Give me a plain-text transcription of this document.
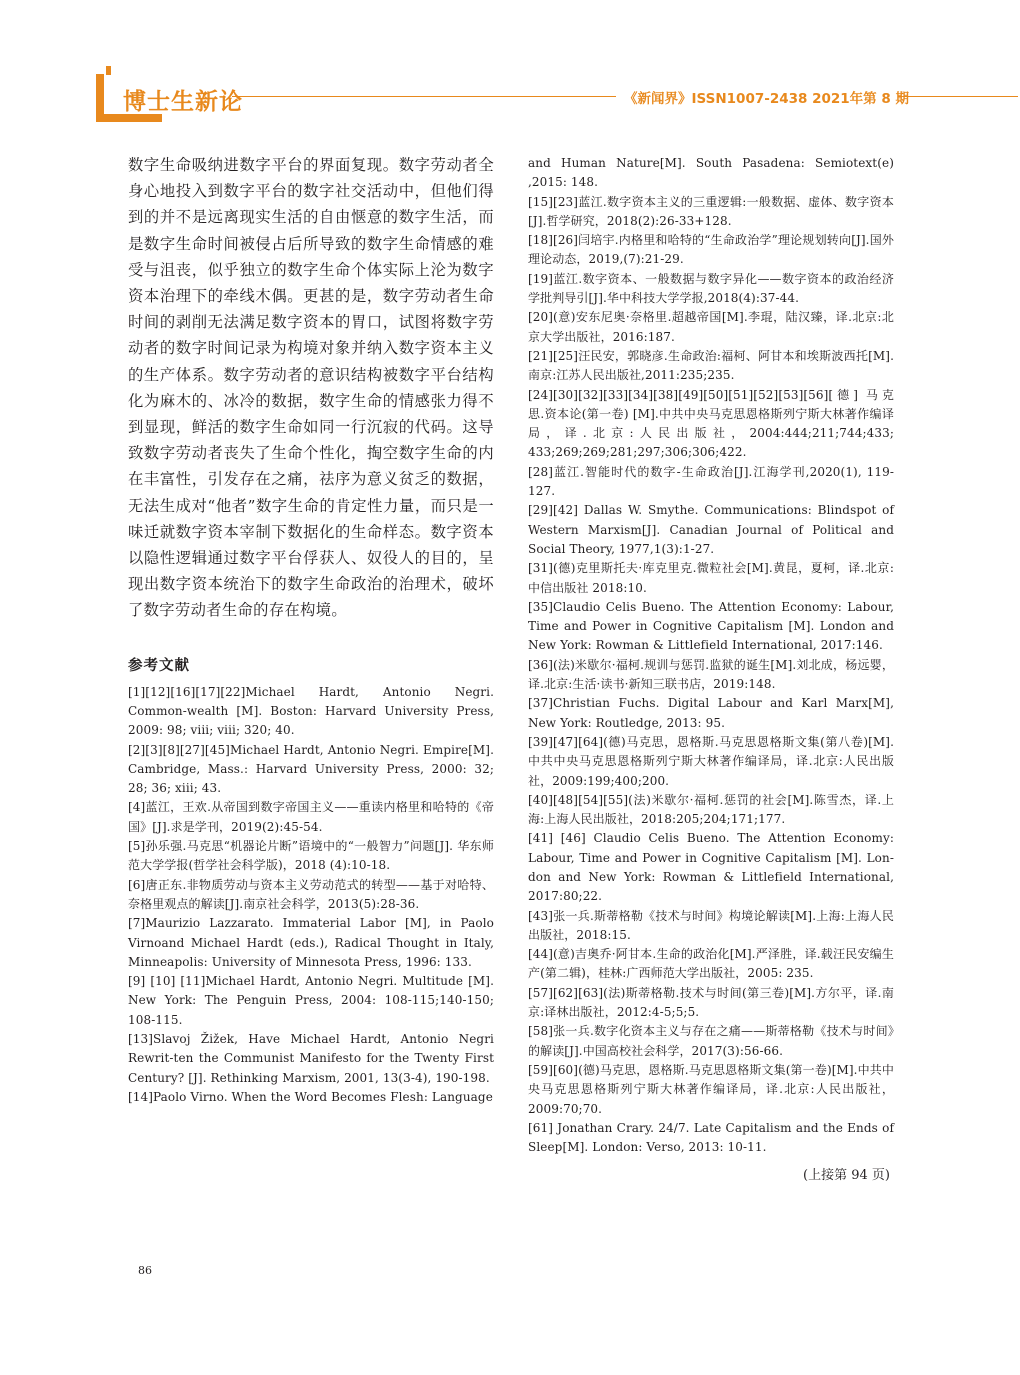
博士生新论	《新闻界》ISSN1007-2438 2021年第 8 期

数字生命吸纳进数字平台的界面复现。数字劳动者全身心地投入到数字平台的数字社交活动中，但他们得到的并不是远离现实生活的自由惬意的数字生活，而是数字生命时间被侵占后所导致的数字生命情感的难受与沮丧，似乎独立的数字生命个体实际上沦为数字资本治理下的牵线木偶。更甚的是，数字劳动者生命时间的剥削无法满足数字资本的胃口，试图将数字劳动者的数字时间记录为构境对象并纳入数字资本主义的生产体系。数字劳动者的意识结构被数字平台结构化为麻木的、冰冷的数据，数字生命的情感张力得不到显现，鲜活的数字生命如同一行沉寂的代码。这导致数字劳动者丧失了生命个性化，掏空数字生命的内在丰富性，引发存在之痛，祛序为意义贫乏的数据，无法生成对“他者”数字生命的肯定性力量，而只是一味迁就数字资本宰制下数据化的生命样态。数字资本以隐性逻辑通过数字平台俘获人、奴役人的目的，呈现出数字资本统治下的数字生命政治的治理术，破坏了数字劳动者生命的存在构境。

参考文献
[1][12][16][17][22]Michael Hardt, Antonio Negri. Common-wealth [M]. Boston: Harvard University Press, 2009: 98; viii; viii; 320; 40.
[2][3][8][27][45]Michael Hardt, Antonio Negri. Empire[M]. Cambridge, Mass.: Harvard University Press, 2000: 32; 28; 36; xiii; 43.
[4]蓝江，王欢.从帝国到数字帝国主义——重读内格里和哈特的《帝国》[J].求是学刊，2019(2):45-54.
[5]孙乐强.马克思“机器论片断”语境中的“一般智力”问题[J]. 华东师范大学学报(哲学社会科学版)，2018 (4):10-18.
[6]唐正东.非物质劳动与资本主义劳动范式的转型——基于对哈特、奈格里观点的解读[J].南京社会科学，2013(5):28-36.
[7]Maurizio Lazzarato. Immaterial Labor [M], in Paolo Virnoand Michael Hardt (eds.), Radical Thought in Italy, Minneapolis: University of Minnesota Press, 1996: 133.
[9] [10] [11]Michael Hardt, Antonio Negri. Multitude [M]. New York: The Penguin Press, 2004: 108-115;140-150; 108-115.
[13]Slavoj Žižek, Have Michael Hardt, Antonio Negri Rewrit-ten the Communist Manifesto for the Twenty First Century? [J]. Rethinking Marxism, 2001, 13(3-4), 190-198.
[14]Paolo Virno. When the Word Becomes Flesh: Language
and Human Nature[M]. South Pasadena: Semiotext(e) ,2015: 148.
[15][23]蓝江.数字资本主义的三重逻辑:一般数据、虚体、数字资本[J].哲学研究，2018(2):26-33+128.
[18][26]闫培宇.内格里和哈特的“生命政治学”理论规划转向[J].国外理论动态，2019,(7):21-29.
[19]蓝江.数字资本、一般数据与数字异化——数字资本的政治经济学批判导引[J].华中科技大学学报,2018(4):37-44.
[20](意)安东尼奥·奈格里.超越帝国[M].李琨，陆汉臻，译.北京:北京大学出版社，2016:187.
[21][25]汪民安，郭晓彦.生命政治:福柯、阿甘本和埃斯波西托[M].南京:江苏人民出版社,2011:235;235.
[24][30][32][33][34][38][49][50][51][52][53][56][德] 马克思.资本论(第一卷) [M].中共中央马克思恩格斯列宁斯大林著作编译局，译.北京:人民出版社，2004:444;211;744;433; 433;269;269;281;297;306;306;422.
[28]蓝江.智能时代的数字-生命政治[J].江海学刊,2020(1), 119-127.
[29][42] Dallas W. Smythe. Communications: Blindspot of Western Marxism[J]. Canadian Journal of Political and Social Theory, 1977,1(3):1-27.
[31](德)克里斯托夫·库克里克.微粒社会[M].黄昆，夏柯，译.北京:中信出版社 2018:10.
[35]Claudio Celis Bueno. The Attention Economy: Labour, Time and Power in Cognitive Capitalism [M]. London and New York: Rowman & Littlefield International, 2017:146.
[36](法)米歇尔·福柯.规训与惩罚.监狱的诞生[M].刘北成，杨远婴，译.北京:生活·读书·新知三联书店，2019:148.
[37]Christian Fuchs. Digital Labour and Karl Marx[M], New York: Routledge, 2013: 95.
[39][47][64](德)马克思，恩格斯.马克思恩格斯文集(第八卷)[M]. 中共中央马克思恩格斯列宁斯大林著作编译局，译.北京:人民出版社，2009:199;400;200.
[40][48][54][55](法)米歇尔·福柯.惩罚的社会[M].陈雪杰，译.上海:上海人民出版社，2018:205;204;171;177.
[41] [46] Claudio Celis Bueno. The Attention Economy: Labour, Time and Power in Cognitive Capitalism [M]. Lon-don and New York: Rowman & Littlefield International, 2017:80;22.
[43]张一兵.斯蒂格勒《技术与时间》构境论解读[M].上海:上海人民出版社，2018:15.
[44](意)吉奥乔·阿甘本.生命的政治化[M].严泽胜，译.载汪民安编生产(第二辑)，桂林:广西师范大学出版社，2005: 235.
[57][62][63](法)斯蒂格勒.技术与时间(第三卷)[M].方尔平，译.南京:译林出版社，2012:4-5;5;5.
[58]张一兵.数字化资本主义与存在之痛——斯蒂格勒《技术与时间》的解读[J].中国高校社会科学，2017(3):56-66.
[59][60](德)马克思，恩格斯.马克思恩格斯文集(第一卷)[M].中共中央马克思恩格斯列宁斯大林著作编译局，译.北京:人民出版社，2009:70;70.
[61] Jonathan Crary. 24/7. Late Capitalism and the Ends of Sleep[M]. London: Verso, 2013: 10-11.
(上接第 94 页)
86
